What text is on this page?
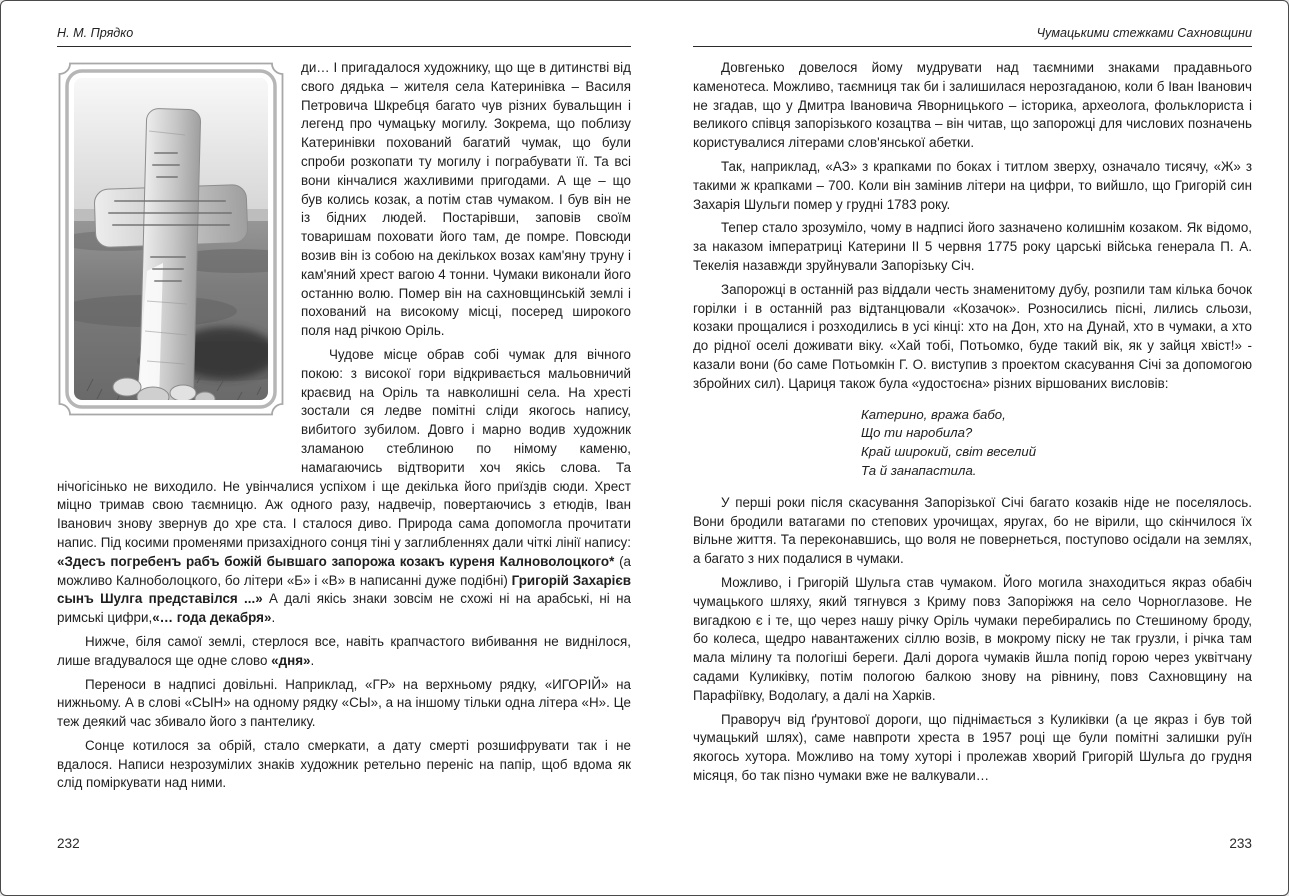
Н. М. Прядко

ди… І пригадалося художнику, що ще в дитинстві від свого дядька – жителя села Катеринівка – Василя Петровича Шкребця багато чув різних бувальщин і легенд про чумацьку могилу. Зокрема, що поблизу Катеринівки похований багатий чумак, що були спроби розкопати ту могилу і пограбувати її. Та всі вони кінчалися жахливими пригодами. А ще – що був колись козак, а потім став чумаком. І був він не із бідних людей. Постарівши, заповів своїм товаришам поховати його там, де помре. Повсюди возив він із собою на декількох возах кам'яну труну і кам'яний хрест вагою 4 тонни. Чумаки виконали його останню волю. Помер він на сахновщинській землі і похований на високому місці, посеред широкого поля над річкою Оріль.

Чудове місце обрав собі чумак для вічного покою: з високої гори відкривається мальовничий краєвид на Оріль та навколишні села. На хресті зостали ся ледве помітні сліди якогось напису, вибитого зубилом. Довго і марно водив художник зламаною стеблиною по німому каменю, намагаючись відтворити хоч якісь слова. Та нічогісінько не виходило. Не увінчалися успіхом і ще декілька його приїздів сюди. Хрест міцно тримав свою таємницю. Аж одного разу, надвечір, повертаючись з етюдів, Іван Іванович знову звернув до хре ста. І сталося диво. Природа сама допомогла прочитати напис. Під косими променями призахідного сонця тіні у заглибленнях дали чіткі лінії напису: «Здесъ погребенъ рабъ божій бывшаго запорожа козакъ куреня Калноволоцкого* (а можливо Калноболоцкого, бо літери «Б» і «В» в написанні дуже подібні) Григорій Захарієв сынъ Шулга представілся ...» А далі якісь знаки зовсім не схожі ні на арабські, ні на римські цифри,«… года декабря».

Нижче, біля самої землі, стерлося все, навіть крапчастого вибивання не виднілося, лише вгадувалося ще одне слово «дня».

Переноси в надписі довільні. Наприклад, «ГР» на верхньому рядку, «ИГОРІЙ» на нижньому. А в слові «СЫН» на одному рядку «СЫ», а на іншому тільки одна літера «Н». Це теж деякий час збивало його з пантелику.

Сонце котилося за обрій, стало смеркати, а дату смерті розшифрувати так і не вдалося. Написи незрозумілих знаків художник ретельно переніс на папір, щоб вдома як слід поміркувати над ними.

232
Чумацькими стежками Сахновщини

Довгенько довелося йому мудрувати над таємними знаками прадавнього каменотеса. Можливо, таємниця так би і залишилася нерозгаданою, коли б Іван Іванович не згадав, що у Дмитра Івановича Яворницького – історика, археолога, фольклориста і великого співця запорізького козацтва – він читав, що запорожці для числових позначень користувалися літерами слов'янської абетки.

Так, наприклад, «АЗ» з крапками по боках і титлом зверху, означало тисячу, «Ж» з такими ж крапками – 700. Коли він замінив літери на цифри, то вийшло, що Григорій син Захарія Шульги помер у грудні 1783 року.

Тепер стало зрозуміло, чому в надписі його зазначено колишнім козаком. Як відомо, за наказом імператриці Катерини ІІ 5 червня 1775 року царські війська генерала П. А. Текелія назавжди зруйнували Запорізьку Січ.

Запорожці в останній раз віддали честь знаменитому дубу, розпили там кілька бочок горілки і в останній раз відтанцювали «Козачок». Розносились пісні, лились сльози, козаки прощалися і розходились в усі кінці: хто на Дон, хто на Дунай, хто в чумаки, а хто до рідної оселі доживати віку. «Хай тобі, Потьомко, буде такий вік, як у зайця хвіст!» - казали вони (бо саме Потьомкін Г. О. виступив з проектом скасування Січі за допомогою збройних сил). Цариця також була «удостоєна» різних віршованих висловів:

Катерино, вража бабо,
Що ти наробила?
Край широкий, світ веселий
Та й занапастила.

У перші роки після скасування Запорізької Січі багато козаків ніде не поселялось. Вони бродили ватагами по степових урочищах, яругах, бо не вірили, що скінчилося їх вільне життя. Та переконавшись, що воля не повернеться, поступово осідали на землях, а багато з них подалися в чумаки.

Можливо, і Григорій Шульга став чумаком. Його могила знаходиться якраз обабіч чумацького шляху, який тягнувся з Криму повз Запоріжжя на село Чорноглазове. Не вигадкою є і те, що через нашу річку Оріль чумаки перебирались по Стешиному броду, бо колеса, щедро навантажених сіллю возів, в мокрому піску не так грузли, і річка там мала мілину та пологіші береги. Далі дорога чумаків йшла попід горою через уквітчану садами Куликівку, потім пологою балкою знову на рівнину, повз Сахновщину на Парафіївку, Водолагу, а далі на Харків.

Праворуч від ґрунтової дороги, що піднімається з Куликівки (а це якраз і був той чумацький шлях), саме навпроти хреста в 1957 році ще були помітні залишки руїн якогось хутора. Можливо на тому хуторі і пролежав хворий Григорій Шульга до грудня місяця, бо так пізно чумаки вже не валкували…

233
